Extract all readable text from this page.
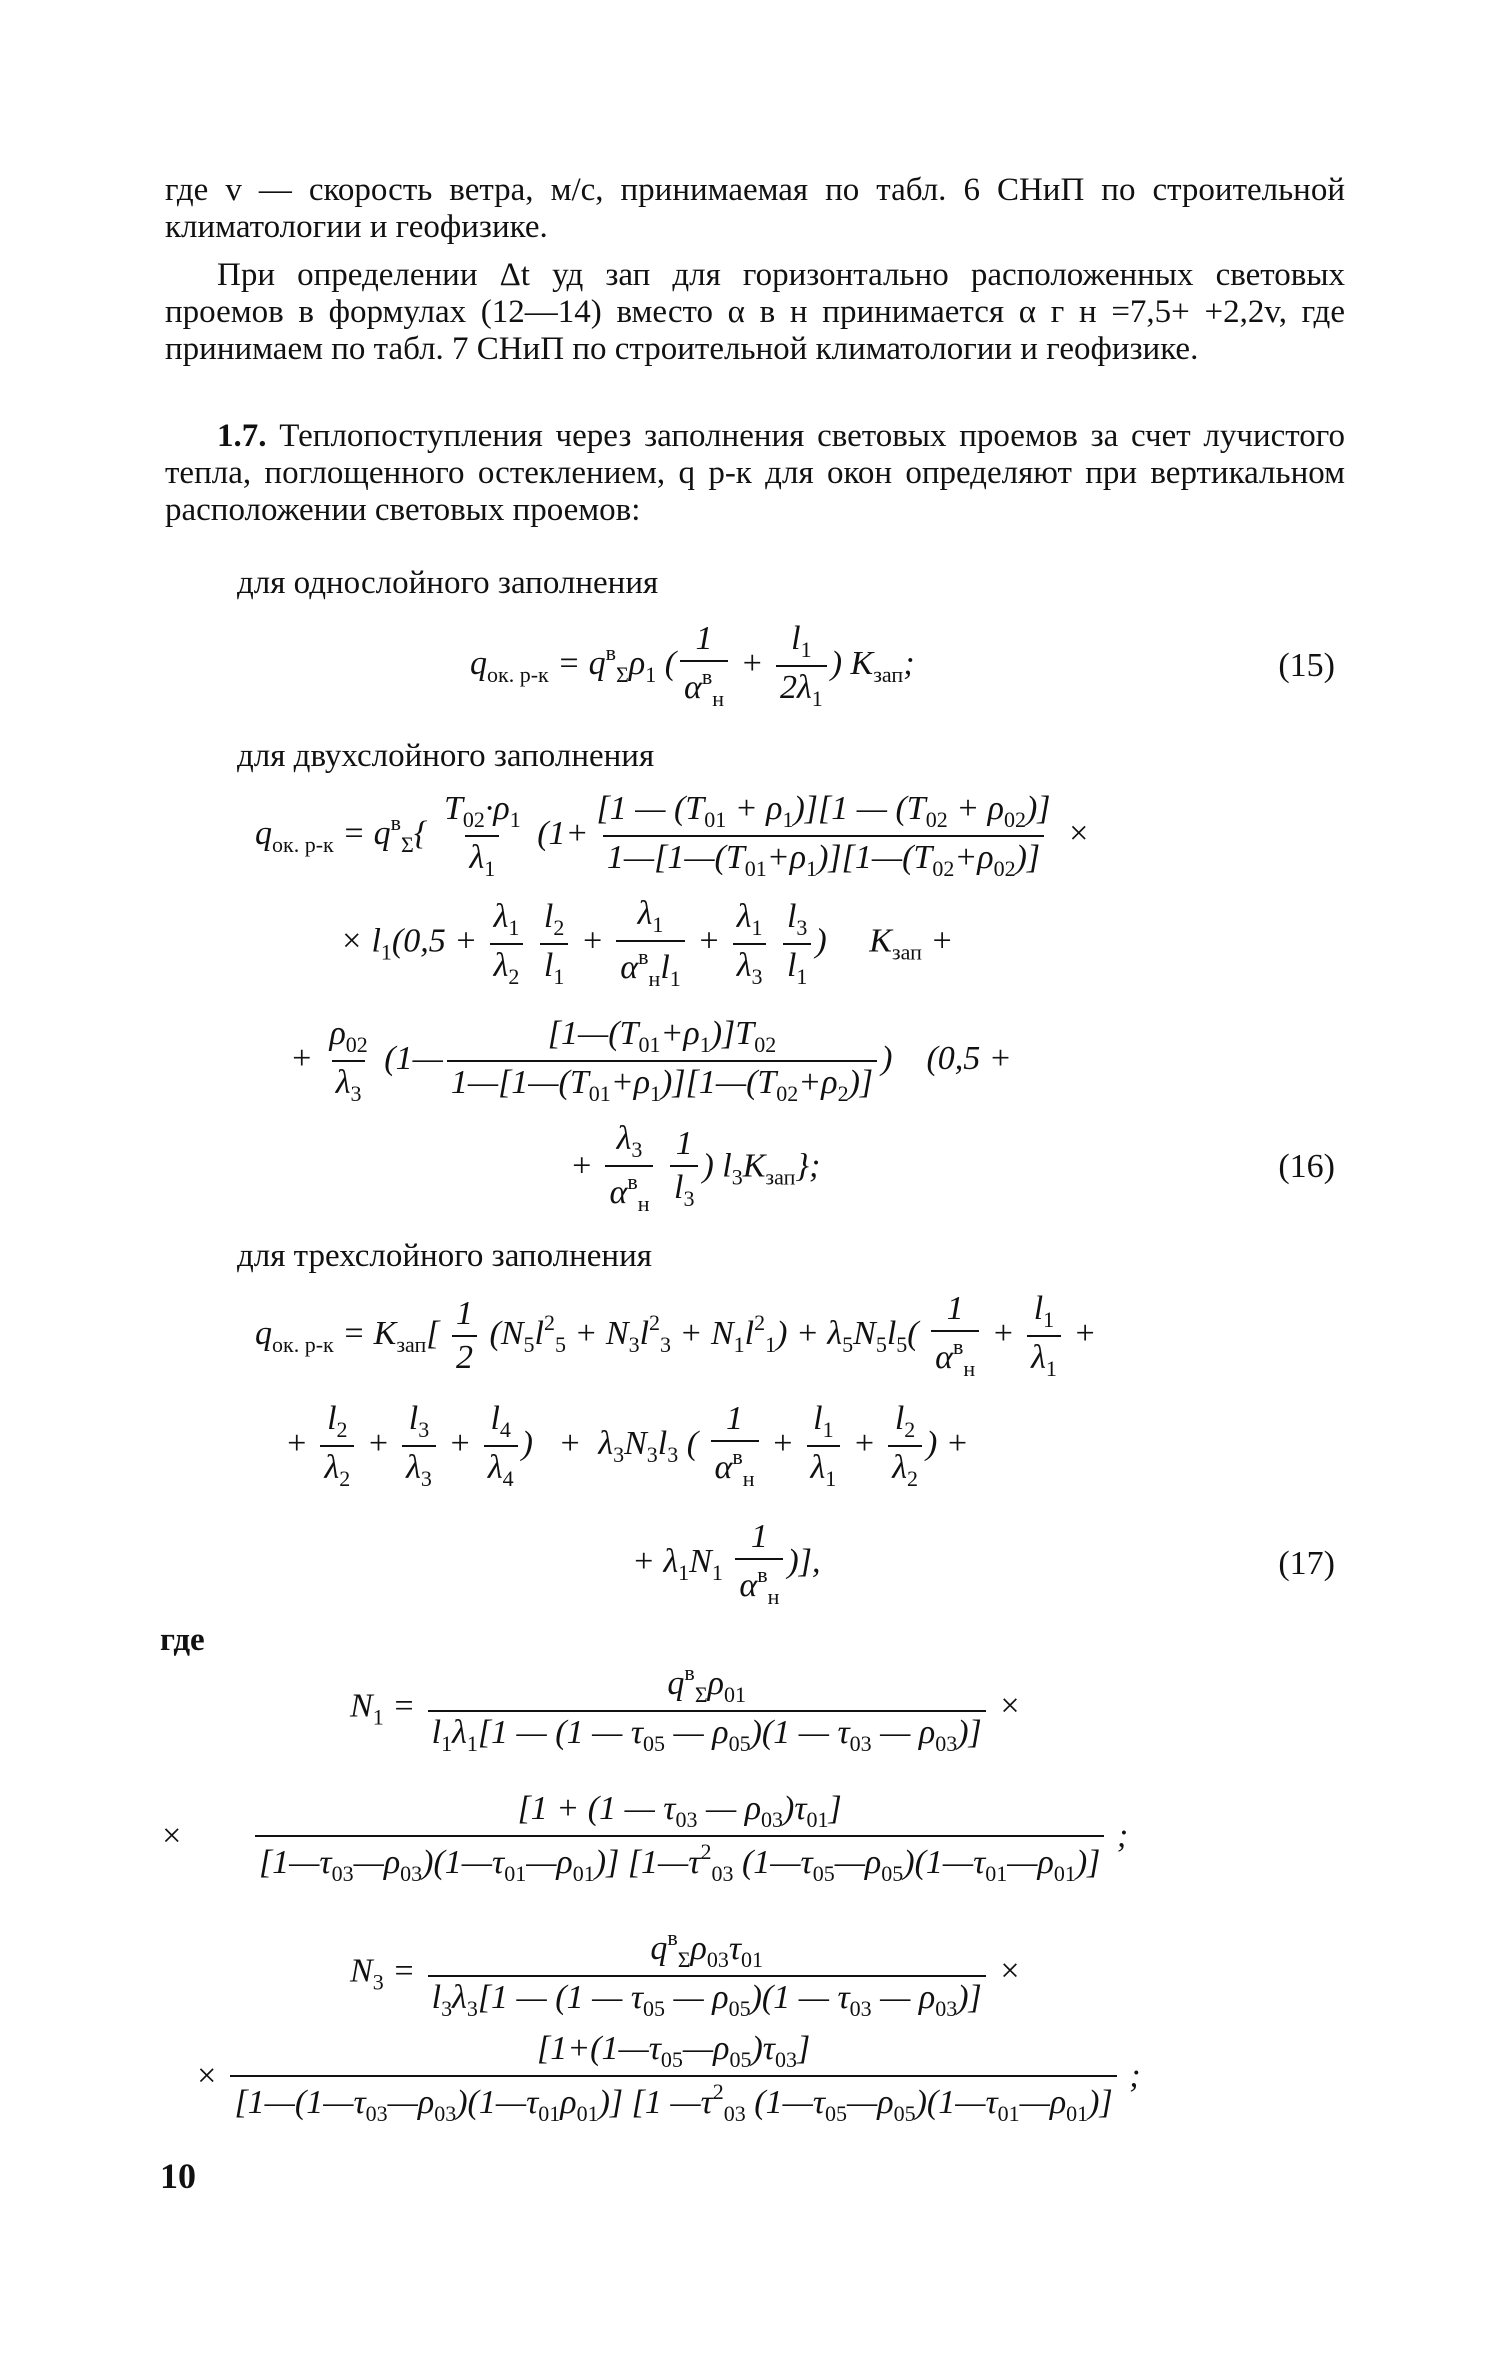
где v — скорость ветра, м/с, принимаемая по табл. 6 СНиП по строительной климатологии и геофизике.
При определении Δt уд зап для горизонтально расположенных световых проемов в формулах (12—14) вместо α в н принимается α г н =7,5+ +2,2v, где принимаем по табл. 7 СНиП по строительной климатологии и геофизике.
1.7. Теплопоступления через заполнения световых проемов за счет лучистого тепла, поглощенного остеклением, q р-к для окон определяют при вертикальном расположении световых проемов:
для однослойного заполнения
$q_{ок. р-к} = q^в_\Sigma\rho_1$ ( $\frac{1}{\alpha^в_н} + \frac{l_1}{2\lambda_1}$ ) $K_{зап}$;	(15)
для двухслойного заполнения
$q_{ок. р-к} = q^в_\Sigma\{ \frac{T_{02}\cdot\rho_1}{\lambda_1} (1+ \frac{[1 — (T_{01} + \rho_1)][1 — (T_{02} + \rho_{02})]}{1—[1—(T_{01}+\rho_1)][1—(T_{02}+\rho_{02})]}$ ×
× $l_1(0,5 + \frac{\lambda_1}{\lambda_2}$
$\frac{l_2}{l_1} + \frac{\lambda_1}{\alpha^в_нl_1} + \frac{\lambda_1}{\lambda_3}$
$\frac{l_3}{l_1}$ )     $K_{зап}$ +
+ $\frac{\rho_{02}}{\lambda_3}$ (1— $\frac{[1—(T_{01}+\rho_1)]T_{02}}{1—[1—(T_{01}+\rho_1)][1—(T_{02}+\rho_2)]}$ )    (0,5 +
+ $\frac{\lambda_3}{\alpha^в_н}$
$\frac{1}{l_3}$ ) $l_3K_{зап}$};	(16)
для трехслойного заполнения
$q_{ок. р-к} = K_{зап}[ \frac{1}{2} (N_5l^2_5 + N_3l^2_3 + N_1l^2_1) + \lambda_5N_5l_5( \frac{1}{\alpha^в_н} + \frac{l_1}{\lambda_1}$ +
+ $\frac{l_2}{\lambda_2} + \frac{l_3}{\lambda_3} + \frac{l_4}{\lambda_4}$ )   +  $\lambda_3N_3l_3$ ( $\frac{1}{\alpha^в_н} + \frac{l_1}{\lambda_1} + \frac{l_2}{\lambda_2}$ ) +
+ $\lambda_1N_1 \frac{1}{\alpha^в_н}$ )],	(17)
где
$N_1 = \frac{q^в_\Sigma\rho_{01}}{l_1\lambda_1[1 — (1 — \tau_{05} — \rho_{05})(1 — \tau_{03} — \rho_{03})]}$ ×
× $\frac{[1 + (1 — \tau_{03} — \rho_{03})\tau_{01}]}{[1—\tau_{03}—\rho_{03})(1—\tau_{01}—\rho_{01})] [1—\tau^2_{03} (1—\tau_{05}—\rho_{05})(1—\tau_{01}—\rho_{01})]}$ ;
$N_3 = \frac{q^в_\Sigma\rho_{03}\tau_{01}}{l_3\lambda_3[1 — (1 — \tau_{05} — \rho_{05})(1 — \tau_{03} — \rho_{03})]}$ ×
× $\frac{[1+(1—\tau_{05}—\rho_{05})\tau_{03}]}{[1—(1—\tau_{03}—\rho_{03})(1—\tau_{01}\rho_{01})] [1 —\tau^2_{03} (1—\tau_{05}—\rho_{05})(1—\tau_{01}—\rho_{01})]}$ ;
10
